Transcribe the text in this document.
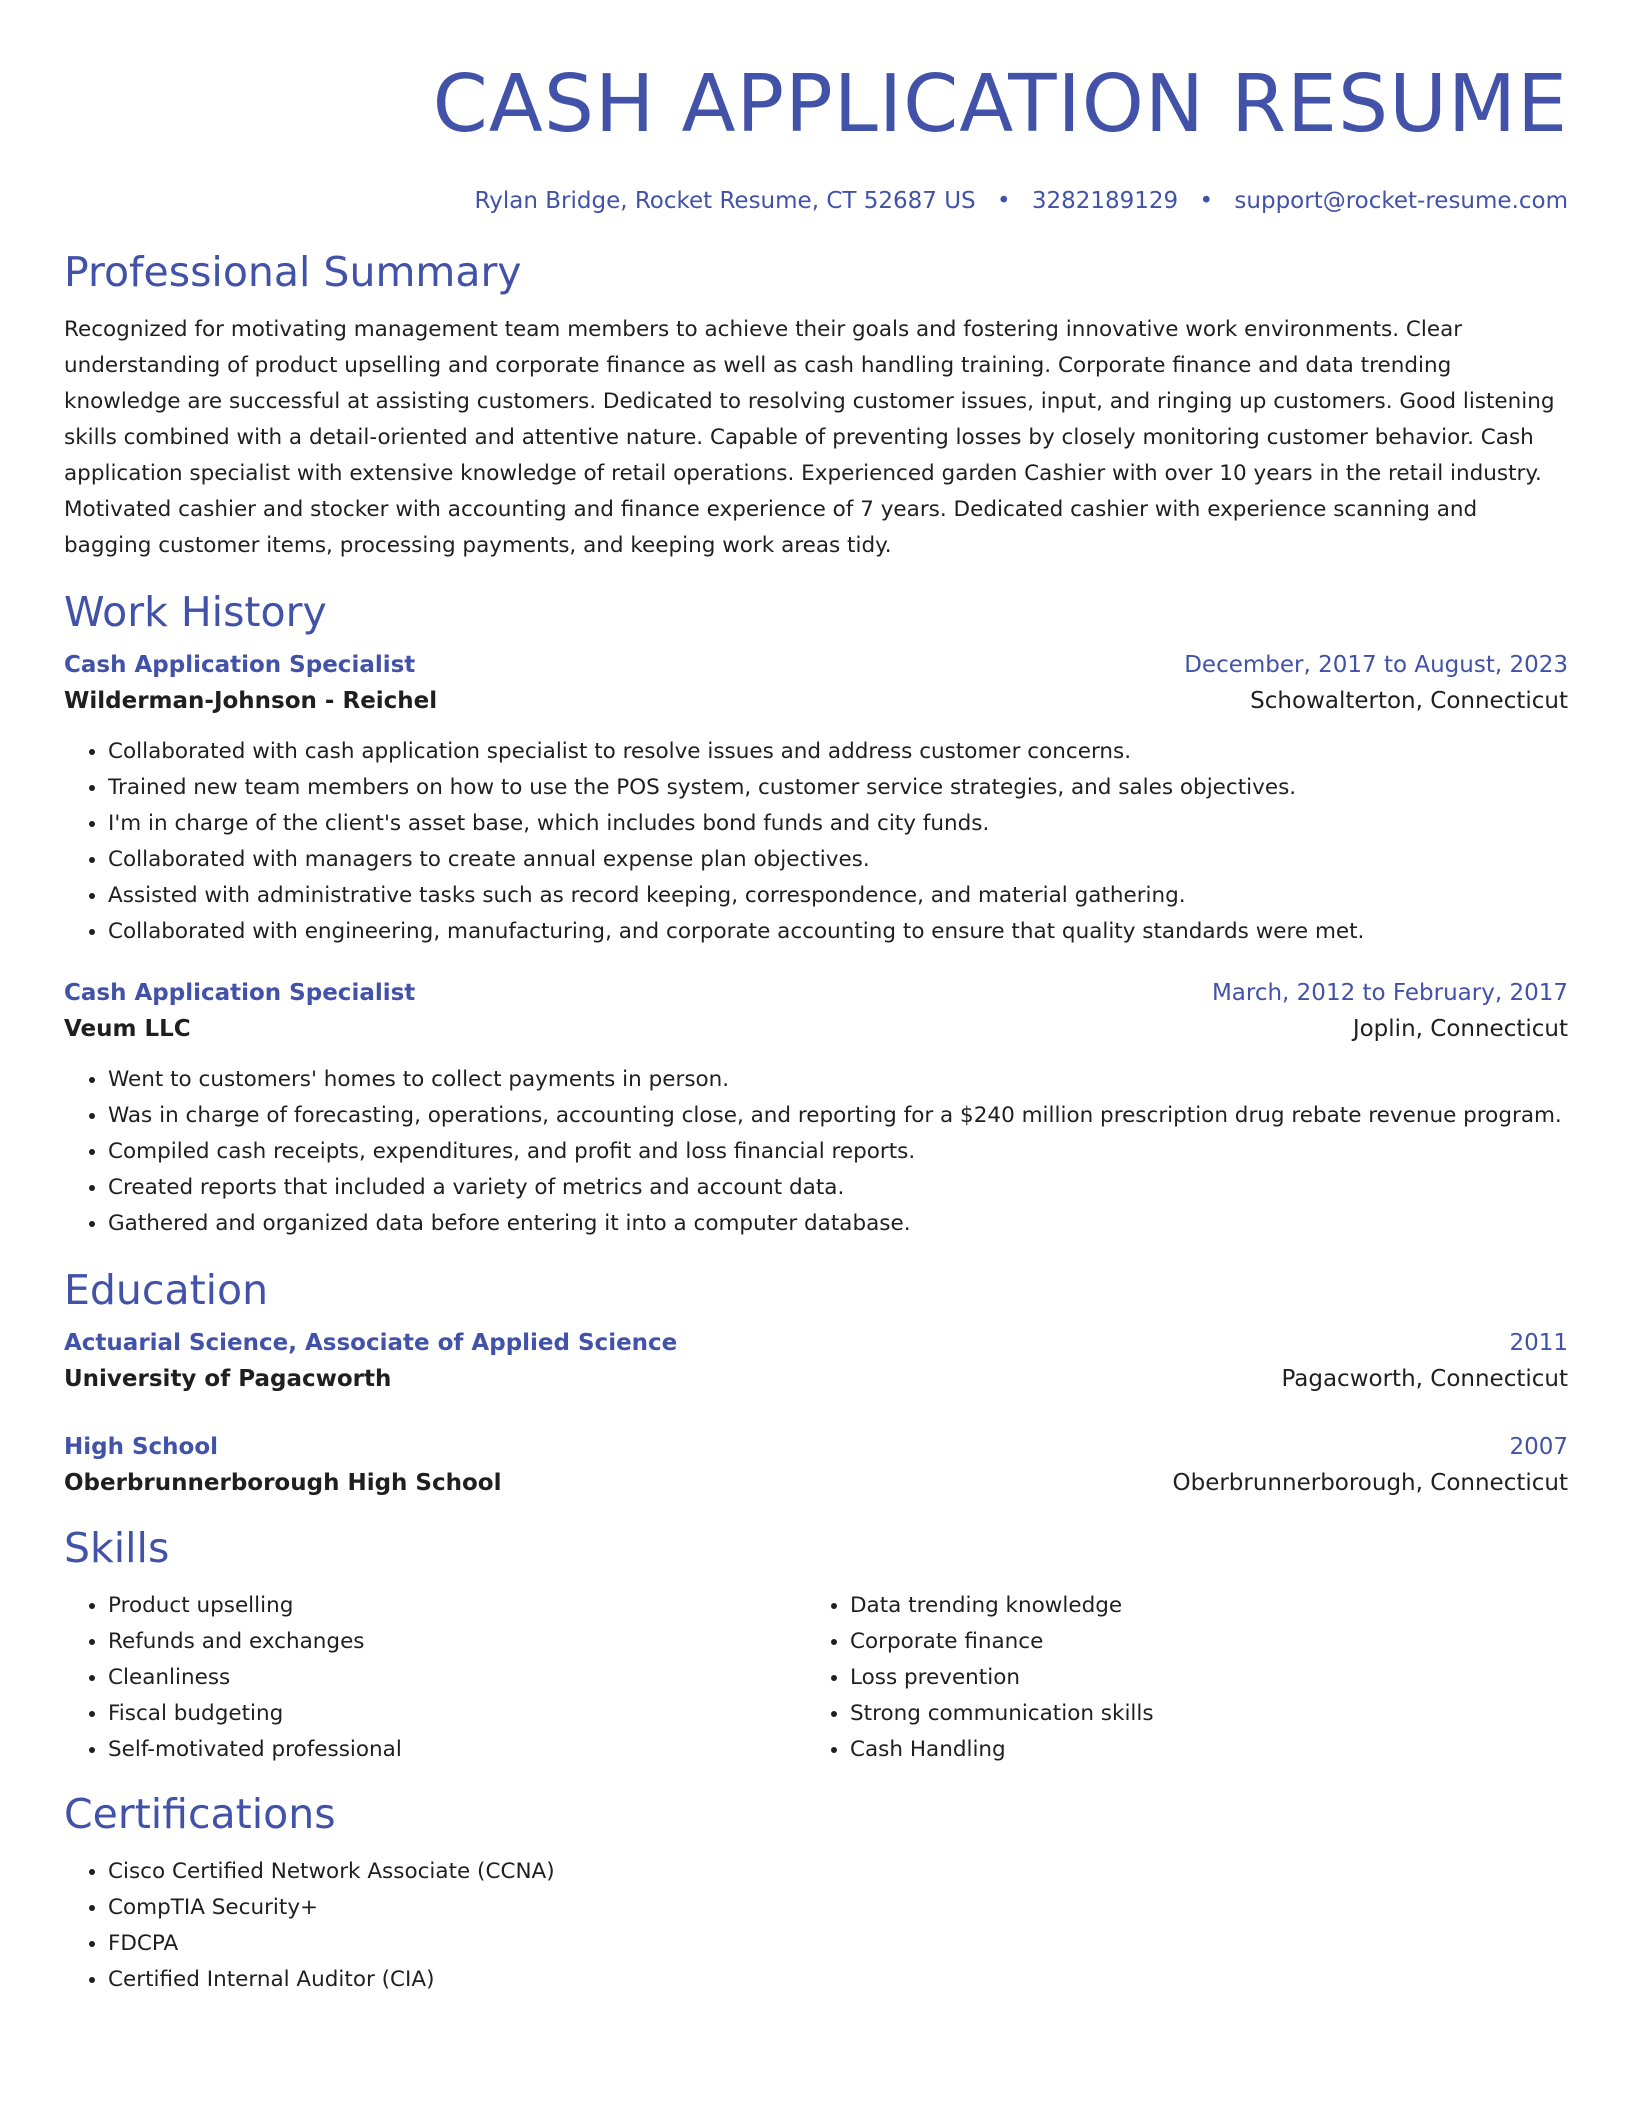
CASH APPLICATION RESUME
Rylan Bridge, Rocket Resume, CT 52687 US • 3282189129 • support@rocket-resume.com
Professional Summary
Recognized for motivating management team members to achieve their goals and fostering innovative work environments. Clear understanding of product upselling and corporate finance as well as cash handling training. Corporate finance and data trending knowledge are successful at assisting customers. Dedicated to resolving customer issues, input, and ringing up customers. Good listening skills combined with a detail-oriented and attentive nature. Capable of preventing losses by closely monitoring customer behavior. Cash application specialist with extensive knowledge of retail operations. Experienced garden Cashier with over 10 years in the retail industry. Motivated cashier and stocker with accounting and finance experience of 7 years. Dedicated cashier with experience scanning and bagging customer items, processing payments, and keeping work areas tidy.
Work History
Cash Application Specialist	December, 2017 to August, 2023
Wilderman-Johnson - Reichel	Schowalterton, Connecticut
• Collaborated with cash application specialist to resolve issues and address customer concerns.
• Trained new team members on how to use the POS system, customer service strategies, and sales objectives.
• I'm in charge of the client's asset base, which includes bond funds and city funds.
• Collaborated with managers to create annual expense plan objectives.
• Assisted with administrative tasks such as record keeping, correspondence, and material gathering.
• Collaborated with engineering, manufacturing, and corporate accounting to ensure that quality standards were met.
Cash Application Specialist	March, 2012 to February, 2017
Veum LLC	Joplin, Connecticut
• Went to customers' homes to collect payments in person.
• Was in charge of forecasting, operations, accounting close, and reporting for a $240 million prescription drug rebate revenue program.
• Compiled cash receipts, expenditures, and profit and loss financial reports.
• Created reports that included a variety of metrics and account data.
• Gathered and organized data before entering it into a computer database.
Education
Actuarial Science, Associate of Applied Science	2011
University of Pagacworth	Pagacworth, Connecticut
High School	2007
Oberbrunnerborough High School	Oberbrunnerborough, Connecticut
Skills
• Product upselling
• Refunds and exchanges
• Cleanliness
• Fiscal budgeting
• Self-motivated professional
• Data trending knowledge
• Corporate finance
• Loss prevention
• Strong communication skills
• Cash Handling
Certifications
• Cisco Certified Network Associate (CCNA)
• CompTIA Security+
• FDCPA
• Certified Internal Auditor (CIA)
